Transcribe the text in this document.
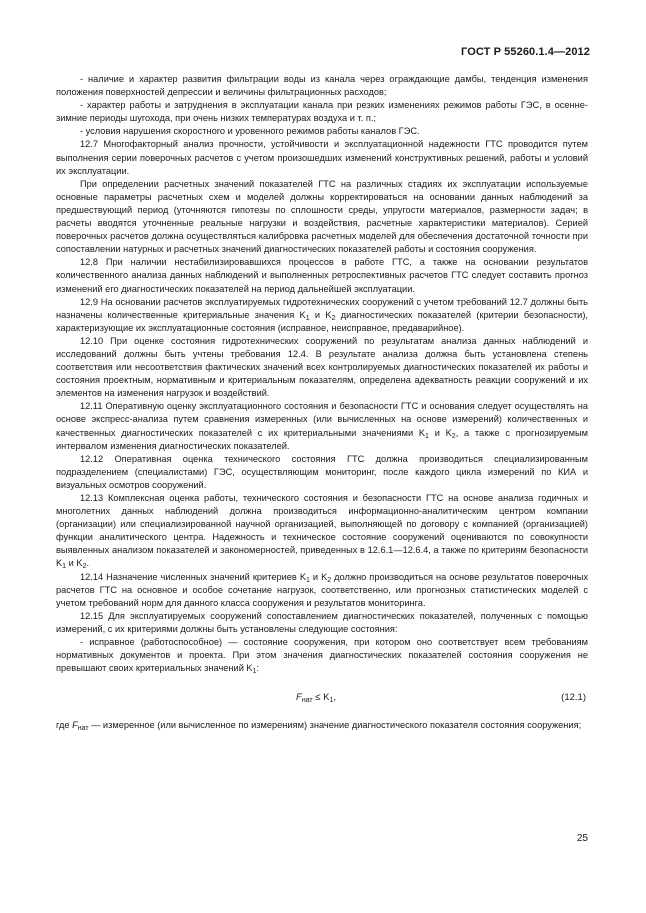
ГОСТ Р 55260.1.4—2012

- наличие и характер развития фильтрации воды из канала через ограждающие дамбы, тенденция изменения положения поверхностей депрессии и величины фильтрационных расходов;

- характер работы и затруднения в эксплуатации канала при резких изменениях режимов работы ГЭС, в осенне-зимние периоды шугохода, при очень низких температурах воздуха и т. п.;

- условия нарушения скоростного и уровенного режимов работы каналов ГЭС.

12.7 Многофакторный анализ прочности, устойчивости и эксплуатационной надежности ГТС проводится путем выполнения серии поверочных расчетов с учетом произошедших изменений конструктивных решений, работы и условий их эксплуатации.

При определении расчетных значений показателей ГТС на различных стадиях их эксплуатации используемые основные параметры расчетных схем и моделей должны корректироваться на основании данных наблюдений за предшествующий период (уточняются гипотезы по сплошности среды, упругости материалов, размерности задач; в расчеты вводятся уточненные реальные нагрузки и воздействия, расчетные характеристики материалов). Серией поверочных расчетов должна осуществляться калибровка расчетных моделей для обеспечения достаточной точности при сопоставлении натурных и расчетных значений диагностических показателей работы и состояния сооружения.

12.8 При наличии нестабилизировавшихся процессов в работе ГТС, а также на основании результатов количественного анализа данных наблюдений и выполненных ретроспективных расчетов ГТС следует составить прогноз изменений его диагностических показателей на период дальнейшей эксплуатации.

12.9 На основании расчетов эксплуатируемых гидротехнических сооружений с учетом требований 12.7 должны быть назначены количественные критериальные значения $K_1$ и $K_2$ диагностических показателей (критерии безопасности), характеризующие их эксплуатационные состояния (исправное, неисправное, предаварийное).

12.10 При оценке состояния гидротехнических сооружений по результатам анализа данных наблюдений и исследований должны быть учтены требования 12.4. В результате анализа должна быть установлена степень соответствия или несоответствия фактических значений всех контролируемых диагностических показателей их работы и состояния проектным, нормативным и критериальным показателям, определена адекватность реакции сооружений и их элементов на изменения нагрузок и воздействий.

12.11 Оперативную оценку эксплуатационного состояния и безопасности ГТС и основания следует осуществлять на основе экспресс-анализа путем сравнения измеренных (или вычисленных на основе измерений) количественных и качественных диагностических показателей с их критериальными значениями $K_1$ и $K_2$, а также с прогнозируемым интервалом изменения диагностических показателей.

12.12 Оперативная оценка технического состояния ГТС должна производиться специализированным подразделением (специалистами) ГЭС, осуществляющим мониторинг, после каждого цикла измерений по КИА и визуальных осмотров сооружений.

12.13 Комплексная оценка работы, технического состояния и безопасности ГТС на основе анализа годичных и многолетних данных наблюдений должна производиться информационно-аналитическим центром компании (организации) или специализированной научной организацией, выполняющей по договору с компанией (организацией) функции аналитического центра. Надежность и техническое состояние сооружений оцениваются по совокупности выявленных анализом показателей и закономерностей, приведенных в 12.6.1—12.6.4, а также по критериям безопасности $K_1$ и $K_2$.

12.14 Назначение численных значений критериев $K_1$ и $K_2$ должно производиться на основе результатов поверочных расчетов ГТС на основное и особое сочетание нагрузок, соответственно, или прогнозных статистических моделей с учетом требований норм для данного класса сооружения и результатов мониторинга.

12.15 Для эксплуатируемых сооружений сопоставлением диагностических показателей, полученных с помощью измерений, с их критериями должны быть установлены следующие состояния:

- исправное (работоспособное) — состояние сооружения, при котором оно соответствует всем требованиям нормативных документов и проекта. При этом значения диагностических показателей состояния сооружения не превышают своих критериальных значений $K_1$:

$F_{нат} \le K_1$,	(12.1)

где $F_{нат}$ — измеренное (или вычисленное по измерениям) значение диагностического показателя состояния сооружения;

25
